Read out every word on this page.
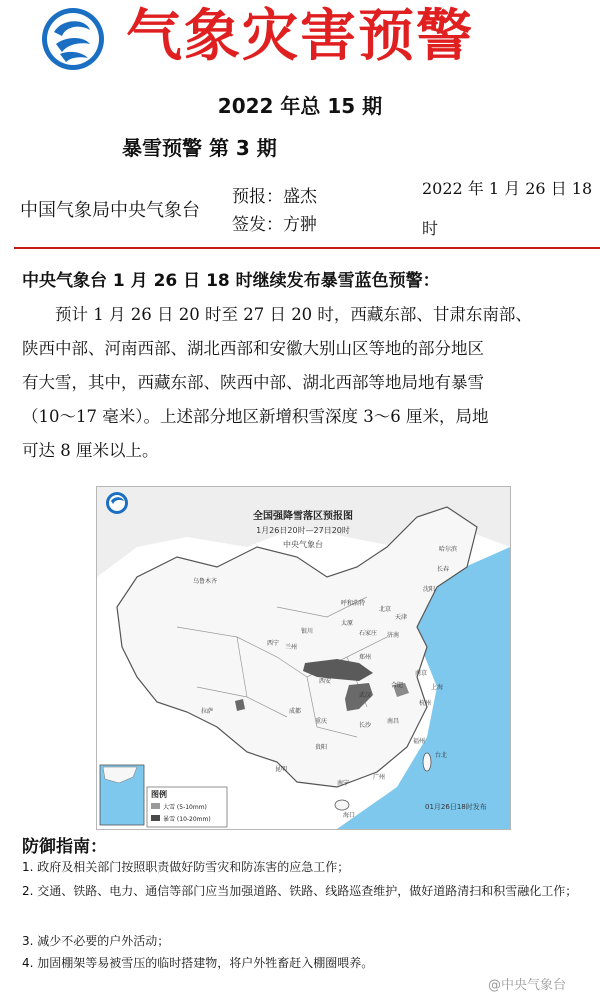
气象灾害预警
2022 年总 15 期
暴雪预警 第 3 期
中国气象局中央气象台
预报：盛杰
签发：方翀
2022 年 1 月 26 日 18
时
中央气象台 1 月 26 日 18 时继续发布暴雪蓝色预警：
　　预计 1 月 26 日 20 时至 27 日 20 时，西藏东部、甘肃东南部、
陕西中部、河南西部、湖北西部和安徽大别山区等地的部分地区
有大雪，其中，西藏东部、陕西中部、湖北西部等地局地有暴雪
（10～17 毫米）。上述部分地区新增积雪深度 3～6 厘米，局地
可达 8 厘米以上。
全国强降雪落区预报图
1月26日20时—27日20时
中央气象台
北京
天津
石家庄
太原
呼和浩特
银川
兰州
西宁
西安
郑州
济南
南京
合肥
武汉
上海
杭州
长沙
南昌
成都
重庆
贵阳
昆明
拉萨
乌鲁木齐
哈尔滨
长春
沈阳
福州
广州
南宁
海口
台北
图例
大雪 (5-10mm)
暴雪 (10-20mm)
01月26日18时发布
防御指南：
1. 政府及相关部门按照职责做好防雪灾和防冻害的应急工作；
2. 交通、铁路、电力、通信等部门应当加强道路、铁路、线路巡查维护，做好道路清扫和积雪融化工作；
3. 减少不必要的户外活动；
4. 加固棚架等易被雪压的临时搭建物，将户外牲畜赶入棚圈喂养。
@中央气象台
